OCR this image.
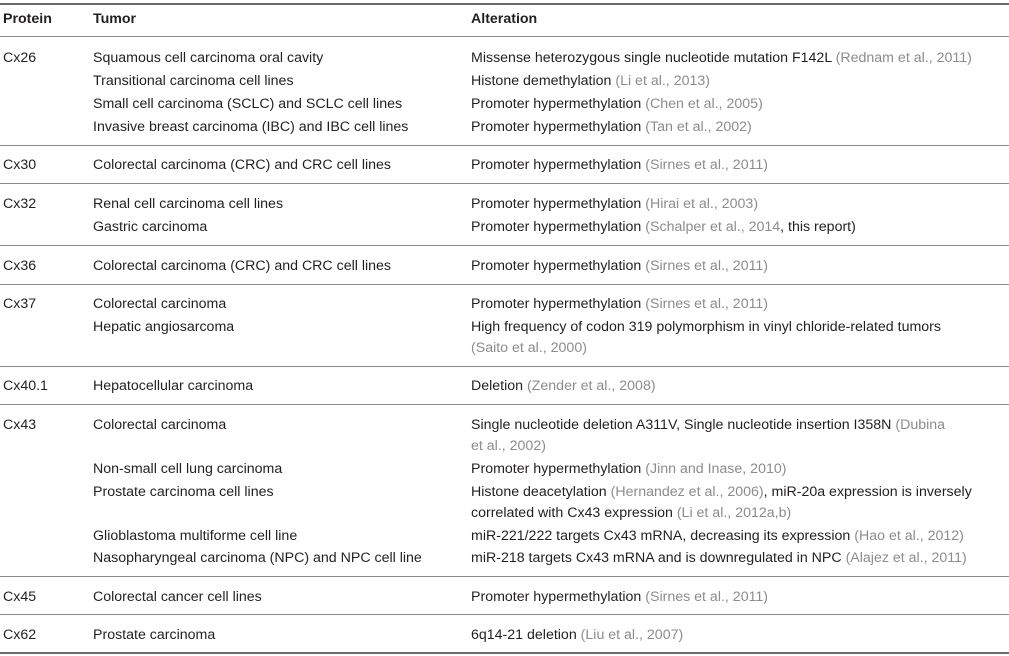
Protein	Tumor	Alteration
Cx26	Squamous cell carcinoma oral cavity	Missense heterozygous single nucleotide mutation F142L (Rednam et al., 2011)
Transitional carcinoma cell lines	Histone demethylation (Li et al., 2013)
Small cell carcinoma (SCLC) and SCLC cell lines	Promoter hypermethylation (Chen et al., 2005)
Invasive breast carcinoma (IBC) and IBC cell lines	Promoter hypermethylation (Tan et al., 2002)
Cx30	Colorectal carcinoma (CRC) and CRC cell lines	Promoter hypermethylation (Sirnes et al., 2011)
Cx32	Renal cell carcinoma cell lines	Promoter hypermethylation (Hirai et al., 2003)
Gastric carcinoma	Promoter hypermethylation (Schalper et al., 2014, this report)
Cx36	Colorectal carcinoma (CRC) and CRC cell lines	Promoter hypermethylation (Sirnes et al., 2011)
Cx37	Colorectal carcinoma	Promoter hypermethylation (Sirnes et al., 2011)
Hepatic angiosarcoma	High frequency of codon 319 polymorphism in vinyl chloride-related tumors
(Saito et al., 2000)
Cx40.1	Hepatocellular carcinoma	Deletion (Zender et al., 2008)
Cx43	Colorectal carcinoma	Single nucleotide deletion A311V, Single nucleotide insertion I358N (Dubina
et al., 2002)
Non-small cell lung carcinoma	Promoter hypermethylation (Jinn and Inase, 2010)
Prostate carcinoma cell lines	Histone deacetylation (Hernandez et al., 2006), miR-20a expression is inversely
correlated with Cx43 expression (Li et al., 2012a,b)
Glioblastoma multiforme cell line	miR-221/222 targets Cx43 mRNA, decreasing its expression (Hao et al., 2012)
Nasopharyngeal carcinoma (NPC) and NPC cell line	miR-218 targets Cx43 mRNA and is downregulated in NPC (Alajez et al., 2011)
Cx45	Colorectal cancer cell lines	Promoter hypermethylation (Sirnes et al., 2011)
Cx62	Prostate carcinoma	6q14-21 deletion (Liu et al., 2007)
